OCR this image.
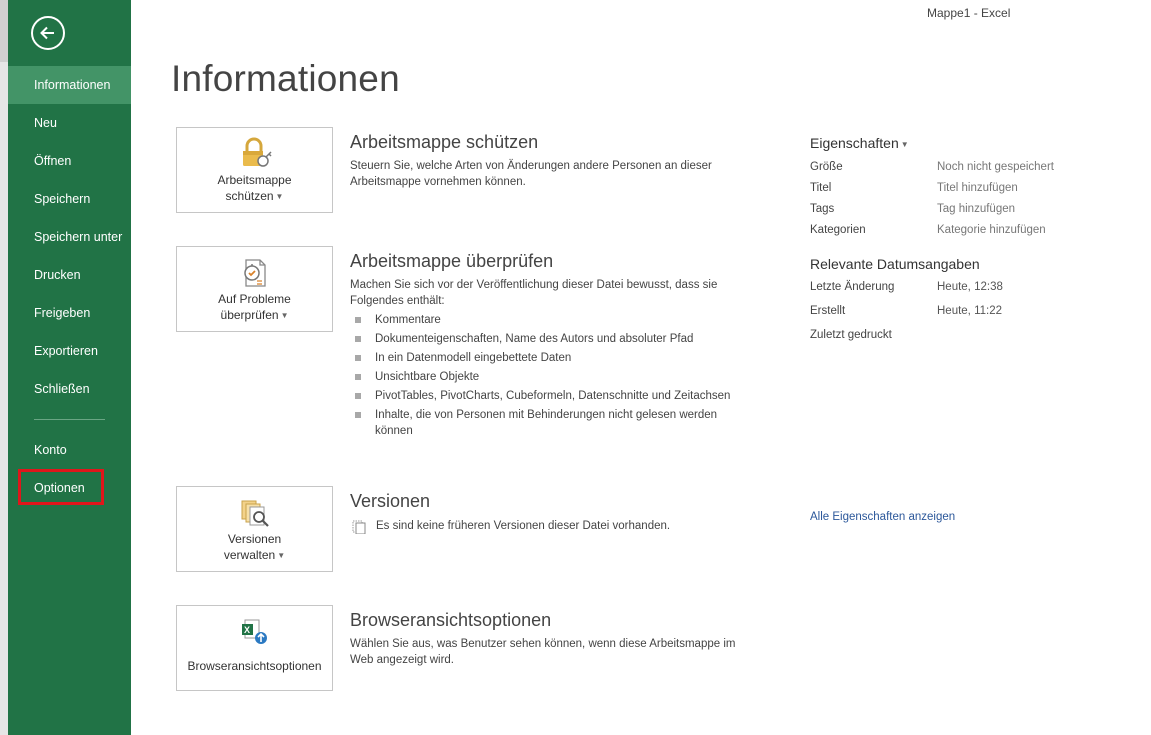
Informationen
Neu
Öffnen
Speichern
Speichern unter
Drucken
Freigeben
Exportieren
Schließen
Konto
Optionen
Mappe1 - Excel
Informationen
Arbeitsmappe
schützen ▼
Arbeitsmappe schützen

Steuern Sie, welche Arten von Änderungen andere Personen an dieser Arbeitsmappe vornehmen können.

Auf Probleme
überprüfen ▼
Arbeitsmappe überprüfen

Machen Sie sich vor der Veröffentlichung dieser Datei bewusst, dass sie Folgendes enthält:

Kommentare
Dokumenteigenschaften, Name des Autors und absoluter Pfad
In ein Datenmodell eingebettete Daten
Unsichtbare Objekte
PivotTables, PivotCharts, Cubeformeln, Datenschnitte und Zeitachsen
Inhalte, die von Personen mit Behinderungen nicht gelesen werden können
Versionen
verwalten ▼
Versionen
Es sind keine früheren Versionen dieser Datei vorhanden.
X
Browseransichtsoptionen
Browseransichtsoptionen

Wählen Sie aus, was Benutzer sehen können, wenn diese Arbeitsmappe im Web angezeigt wird.

Eigenschaften ▼
Größe	Noch nicht gespeichert
Titel	Titel hinzufügen
Tags	Tag hinzufügen
Kategorien	Kategorie hinzufügen
Relevante Datumsangaben
Letzte Änderung	Heute, 12:38
Erstellt	Heute, 11:22
Zuletzt gedruckt
Alle Eigenschaften anzeigen
